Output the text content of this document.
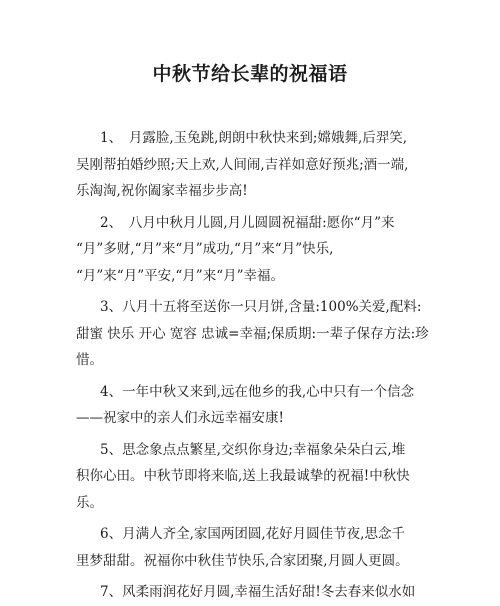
中秋节给长辈的祝福语
1、　月露脸,玉兔跳,朗朗中秋快来到;嫦娥舞,后羿笑,
吴刚帮拍婚纱照;天上欢,人间闹,吉祥如意好预兆;酒一端,
乐淘淘,祝你阖家幸福步步高!
2、　八月中秋月儿圆,月儿圆圆祝福甜:愿你“月”来
“月”多财,“月”来“月”成功,“月”来“月”快乐,
“月”来“月”平安,“月”来“月”幸福。
3、八月十五将至送你一只月饼,含量:100%关爱,配料:
甜蜜 快乐 开心 宽容 忠诚=幸福;保质期:一辈子保存方法:珍
惜。
4、一年中秋又来到,远在他乡的我,心中只有一个信念
——祝家中的亲人们永远幸福安康!
5、思念象点点繁星,交织你身边;幸福象朵朵白云,堆
积你心田。中秋节即将来临,送上我最诚挚的祝福!中秋快
乐。
6、月满人齐全,家国两团圆,花好月圆佳节夜,思念千
里梦甜甜。祝福你中秋佳节快乐,合家团聚,月圆人更圆。
7、风柔雨润花好月圆,幸福生活好甜!冬去春来似水如
